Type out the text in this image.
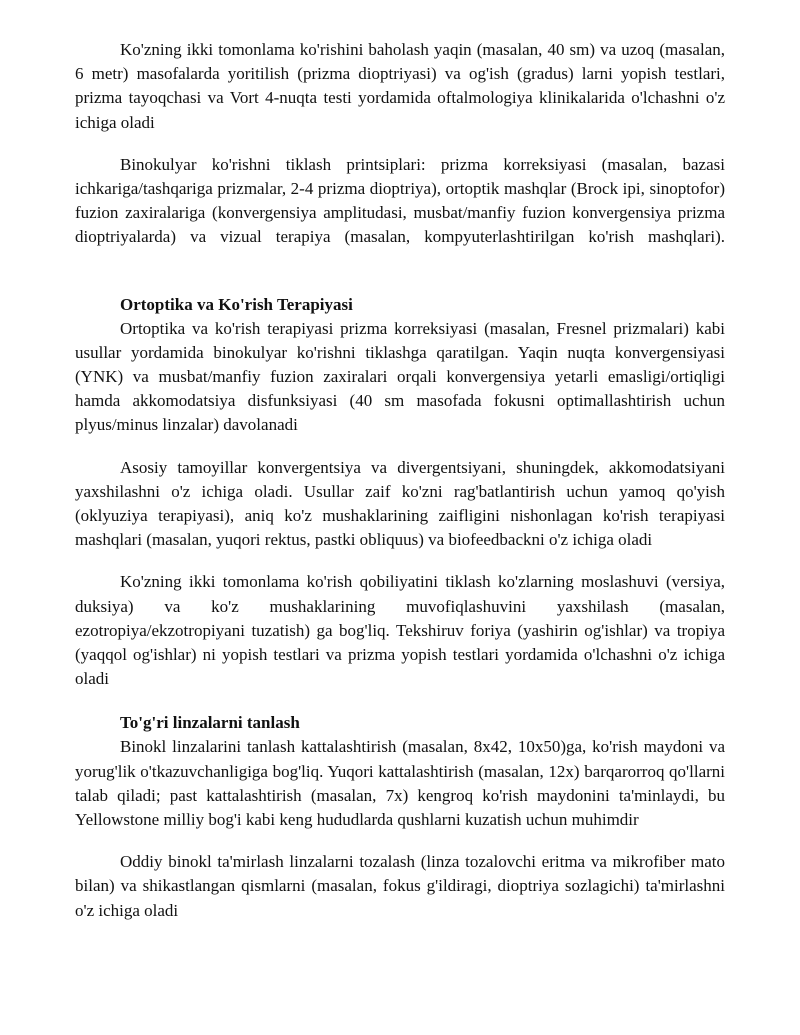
Ko'zning ikki tomonlama ko'rishini baholash yaqin (masalan, 40 sm) va uzoq (masalan, 6 metr) masofalarda yoritilish (prizma dioptriyasi) va og'ish (gradus) larni yopish testlari, prizma tayoqchasi va Vort 4-nuqta testi yordamida oftalmologiya klinikalarida o'lchashni o'z ichiga oladi

Binokulyar ko'rishni tiklash printsiplari: prizma korreksiyasi (masalan, bazasi ichkariga/tashqariga prizmalar, 2-4 prizma dioptriya), ortoptik mashqlar (Brock ipi, sinoptofor) fuzion zaxiralariga (konvergensiya amplitudasi, musbat/manfiy fuzion konvergensiya prizma dioptriyalarda) va vizual terapiya (masalan, kompyuterlashtirilgan ko'rish mashqlari).

Ortoptika va Ko'rish Terapiyasi

Ortoptika va ko'rish terapiyasi prizma korreksiyasi (masalan, Fresnel prizmalari) kabi usullar yordamida binokulyar ko'rishni tiklashga qaratilgan. Yaqin nuqta konvergensiyasi (YNK) va musbat/manfiy fuzion zaxiralari orqali konvergensiya yetarli emasligi/ortiqligi hamda akkomodatsiya disfunksiyasi (40 sm masofada fokusni optimallashtirish uchun plyus/minus linzalar) davolanadi

Asosiy tamoyillar konvergentsiya va divergentsiyani, shuningdek, akkomodatsiyani yaxshilashni o'z ichiga oladi. Usullar zaif ko'zni rag'batlantirish uchun yamoq qo'yish (oklyuziya terapiyasi), aniq ko'z mushaklarining zaifligini nishonlagan ko'rish terapiyasi mashqlari (masalan, yuqori rektus, pastki obliquus) va biofeedbackni o'z ichiga oladi

Ko'zning ikki tomonlama ko'rish qobiliyatini tiklash ko'zlarning moslashuvi (versiya, duksiya) va ko'z mushaklarining muvofiqlashuvini yaxshilash (masalan, ezotropiya/ekzotropiyani tuzatish) ga bog'liq. Tekshiruv foriya (yashirin og'ishlar) va tropiya (yaqqol og'ishlar) ni yopish testlari va prizma yopish testlari yordamida o'lchashni o'z ichiga oladi

To'g'ri linzalarni tanlash

Binokl linzalarini tanlash kattalashtirish (masalan, 8x42, 10x50)ga, ko'rish maydoni va yorug'lik o'tkazuvchanligiga bog'liq. Yuqori kattalashtirish (masalan, 12x) barqarorroq qo'llarni talab qiladi; past kattalashtirish (masalan, 7x) kengroq ko'rish maydonini ta'minlaydi, bu Yellowstone milliy bog'i kabi keng hududlarda qushlarni kuzatish uchun muhimdir

Oddiy binokl ta'mirlash linzalarni tozalash (linza tozalovchi eritma va mikrofiber mato bilan) va shikastlangan qismlarni (masalan, fokus g'ildiragi, dioptriya sozlagichi) ta'mirlashni o'z ichiga oladi
